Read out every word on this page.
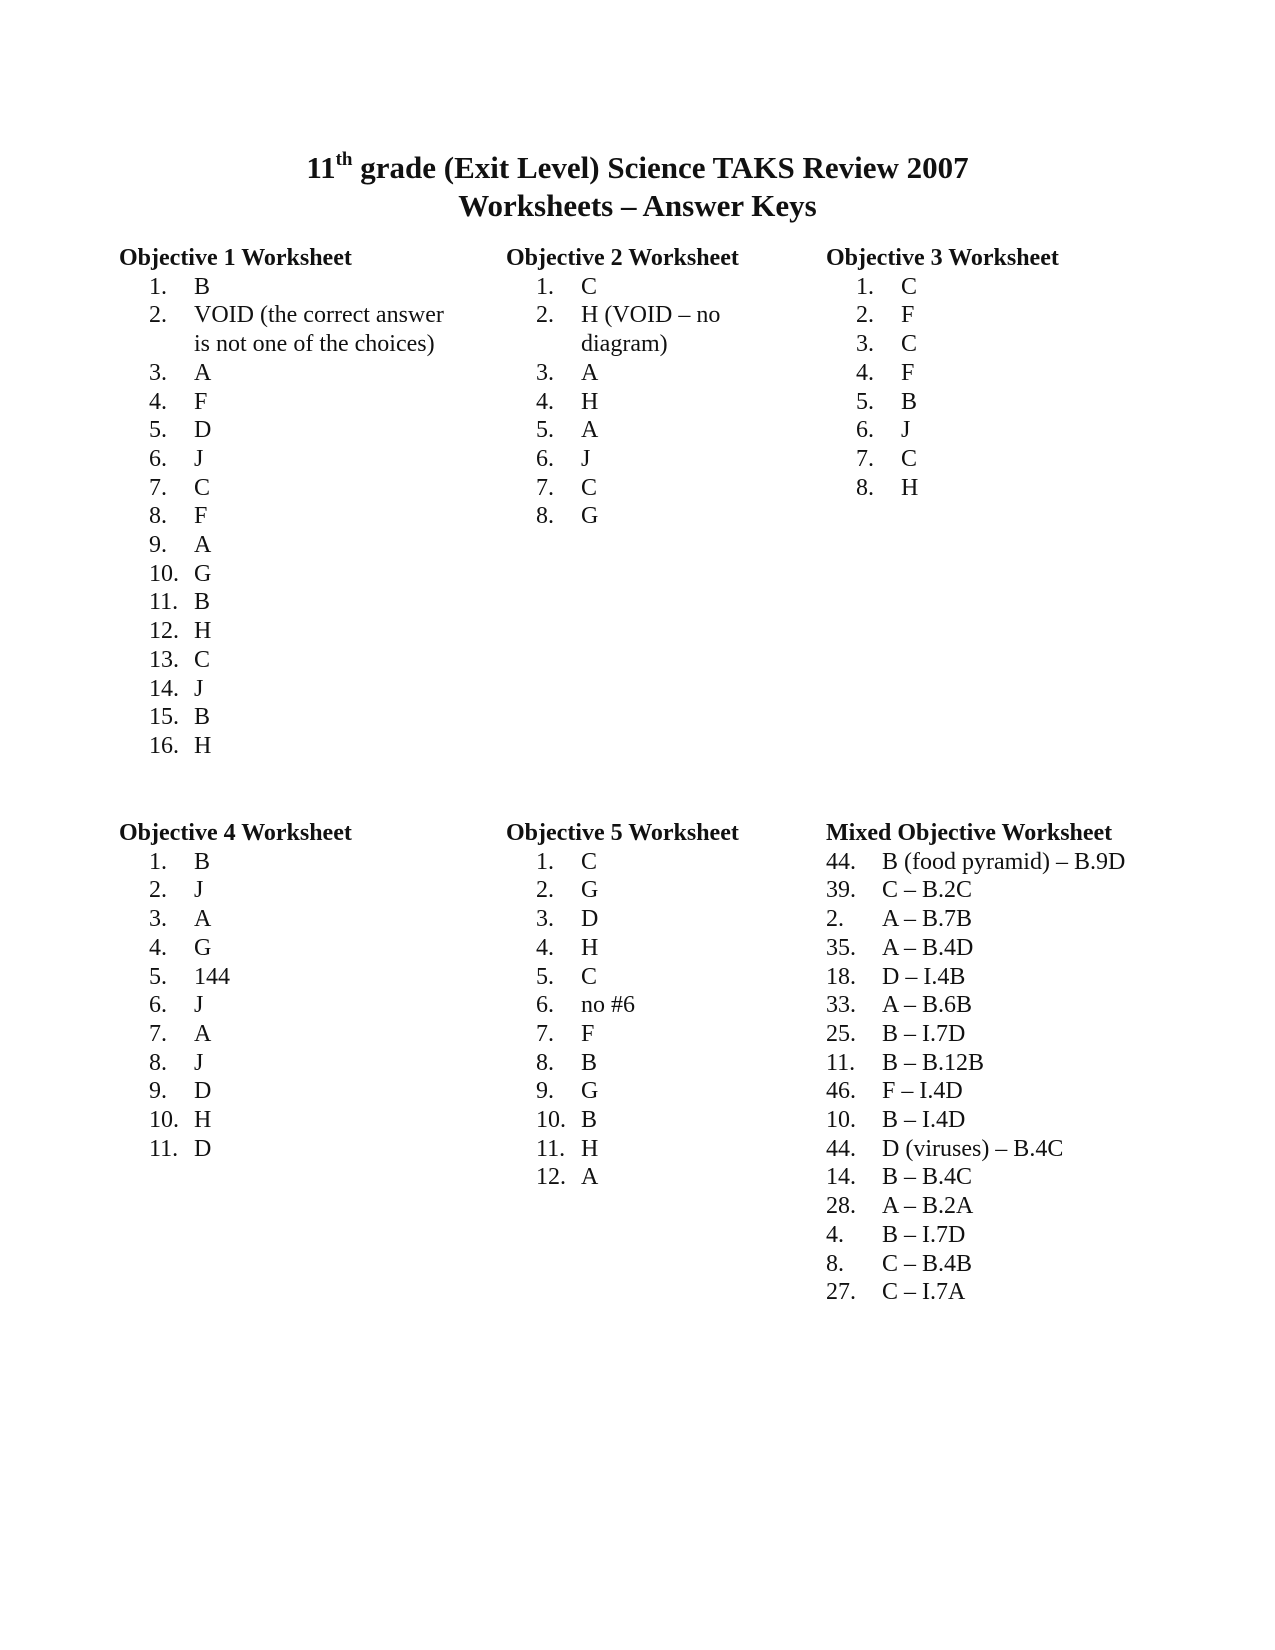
11th grade (Exit Level) Science TAKS Review 2007
Worksheets – Answer Keys
Objective 1 Worksheet
1.	B
2.	VOID (the correct answer is not one of the choices)
3.	A
4.	F
5.	D
6.	J
7.	C
8.	F
9.	A
10. G
11. B
12. H
13. C
14. J
15. B
16. H
Objective 2 Worksheet
1.	C
2.	H (VOID – no diagram)
3.	A
4.	H
5.	A
6.	J
7.	C
8.	G
Objective 3 Worksheet
1.	C
2.	F
3.	C
4.	F
5.	B
6.	J
7.	C
8.	H
Objective 4 Worksheet
1.	B
2.	J
3.	A
4.	G
5.	144
6.	J
7.	A
8.	J
9.	D
10. H
11. D
Objective 5 Worksheet
1.	C
2.	G
3.	D
4.	H
5.	C
6.	no #6
7.	F
8.	B
9.	G
10. B
11. H
12. A
Mixed Objective Worksheet
44.	B (food pyramid) – B.9D
39.	C – B.2C
2.	A – B.7B
35.	A – B.4D
18.	D – I.4B
33.	A – B.6B
25.	B – I.7D
11.	B – B.12B
46.	F – I.4D
10.	B – I.4D
44.	D (viruses) – B.4C
14.	B – B.4C
28.	A – B.2A
4.	B – I.7D
8.	C – B.4B
27.	C – I.7A
